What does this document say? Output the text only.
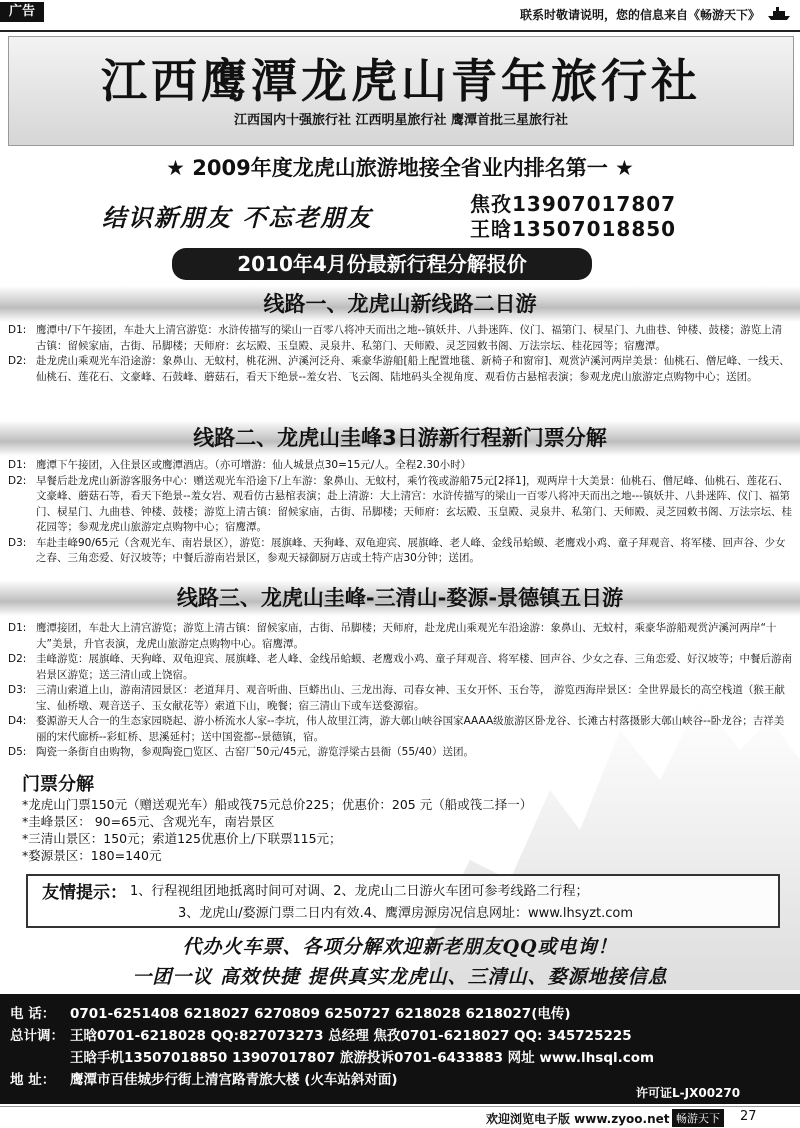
广告	联系时敬请说明，您的信息来自《畅游天下》
江西鹰潭龙虎山青年旅行社
江西国内十强旅行社 江西明星旅行社 鹰潭首批三星旅行社
★ 2009年度龙虎山旅游地接全省业内排名第一 ★
结识新朋友 不忘老朋友	焦孜13907017807
王晗13507018850
2010年4月份最新行程分解报价
线路一、龙虎山新线路二日游
D1: 鹰潭中/下午接团，车赴大上清宫游览：水浒传描写的梁山一百零八将冲天而出之地--镇妖井、八卦迷阵、仪门、福第门、棂星门、九曲巷、钟楼、鼓楼；游览上清古镇：留候家庙，古街、吊脚楼；天师府：玄坛殿、玉皇殿、灵泉井、私第门、天师殿、灵芝园敕书阁、万法宗坛、桂花园等；宿鹰潭。
D2: 赴龙虎山乘观光车沿途游：象鼻山、无蚊村，桃花洲、泸溪河泛舟、乘豪华游船[船上配置地毯、新椅子和窗帘]、观赏泸溪河两岸美景：仙桃石、僧尼峰、一线天、仙桃石、莲花石、文豪峰、石鼓峰、蘑菇石，看天下绝景--羞女岩、飞云阁、陆地码头全视角度、观看仿古悬棺表演；参观龙虎山旅游定点购物中心；送团。
线路二、龙虎山圭峰3日游新行程新门票分解
D1: 鹰潭下午接团，入住景区或鹰潭酒店。（亦可增游：仙人城景点30=15元/人。全程2.30小时）
D2: 早餐后赴龙虎山新游客服务中心：赠送观光车沿途下/上车游：象鼻山、无蚊村，乘竹筏或游船75元[2择1]，观两岸十大美景：仙桃石、僧尼峰、仙桃石、莲花石、文豪峰、蘑菇石等，看天下绝景--羞女岩、观看仿古悬棺表演；赴上清游：大上清宫：水浒传描写的梁山一百零八将冲天而出之地---镇妖井、八卦迷阵、仪门、福第门、棂星门、九曲巷、钟楼、鼓楼；游览上清古镇：留候家庙，古街、吊脚楼；天师府：玄坛殿、玉皇殿、灵泉井、私第门、天师殿、灵芝园敕书阁、万法宗坛、桂花园等；参观龙虎山旅游定点购物中心；宿鹰潭。
D3: 车赴圭峰90/65元（含观光车、南岩景区），游览：展旗峰、天狗峰、双龟迎宾、展旗峰、老人峰、金线吊蛤蟆、老鹰戏小鸡、童子拜观音、将军楼、回声谷、少女之春、三角恋爱、好汉坡等；中餐后游南岩景区，参观天禄御厨万店或土特产店30分钟；送团。
线路三、龙虎山圭峰-三清山-婺源-景德镇五日游
D1: 鹰潭接团，车赴大上清宫游览；游览上清古镇：留候家庙，古街、吊脚楼；天师府，赴龙虎山乘观光车沿途游：象鼻山、无蚊村，乘豪华游船观赏泸溪河两岸“十大”美景，升官表演，龙虎山旅游定点购物中心。宿鹰潭。
D2: 圭峰游览：展旗峰、天狗峰、双龟迎宾、展旗峰、老人峰、金线吊蛤蟆、老鹰戏小鸡、童子拜观音、将军楼、回声谷、少女之春、三角恋爱、好汉坡等；中餐后游南岩景区游览；送三清山或上饶宿。
D3: 三清山索道上山，游南清园景区：老道拜月、观音听曲、巨蟒出山、三龙出海、司春女神、玉女开怀、玉台等， 游览西海岸景区：全世界最长的高空栈道（猴王献宝、仙桥墩、观音送子、玉女献花等）索道下山，晚餐；宿三清山下或车送婺源宿。
D4: 婺源游天人合一的生态家园晓起、游小桥流水人家--李坑，伟人故里江湾，游大鄣山峡谷国家AAAA级旅游区卧龙谷、长滩古村落摄影大鄣山峡谷--卧龙谷；吉祥美丽的宋代廊桥--彩虹桥、思溪延村；送中国瓷都--景德镇，宿。
D5: 陶瓷一条街自由购物，参观陶瓷□览区、古窑厂50元/45元，游览浮梁古县衙（55/40）送团。
门票分解
*龙虎山门票150元（赠送观光车）船或筏75元总价225；优惠价：205 元（船或筏二择一）
*圭峰景区： 90=65元、含观光车，南岩景区
*三清山景区：150元；索道125优惠价上/下联票115元；
*婺源景区：180=140元
友情提示： 1、行程视组团地抵离时间可对调、2、龙虎山二日游火车团可参考线路二行程；
3、龙虎山/婺源门票二日内有效.4、鹰潭房源房况信息网址：www.lhsyzt.com
代办火车票、各项分解欢迎新老朋友QQ或电询！
一团一议 高效快捷 提供真实龙虎山、三清山、婺源地接信息
电 话： 0701-6251408 6218027 6270809 6250727 6218028 6218027(电传)
总计调： 王晗0701-6218028 QQ:827073273 总经理 焦孜0701-6218027 QQ: 345725225
王晗手机13507018850 13907017807 旅游投诉0701-6433883 网址 www.lhsql.com
地 址： 鹰潭市百佳城步行街上清宫路青旅大楼 (火车站斜对面)
许可证L-JX00270
欢迎浏览电子版 www.zyoo.net 畅游天下	27
